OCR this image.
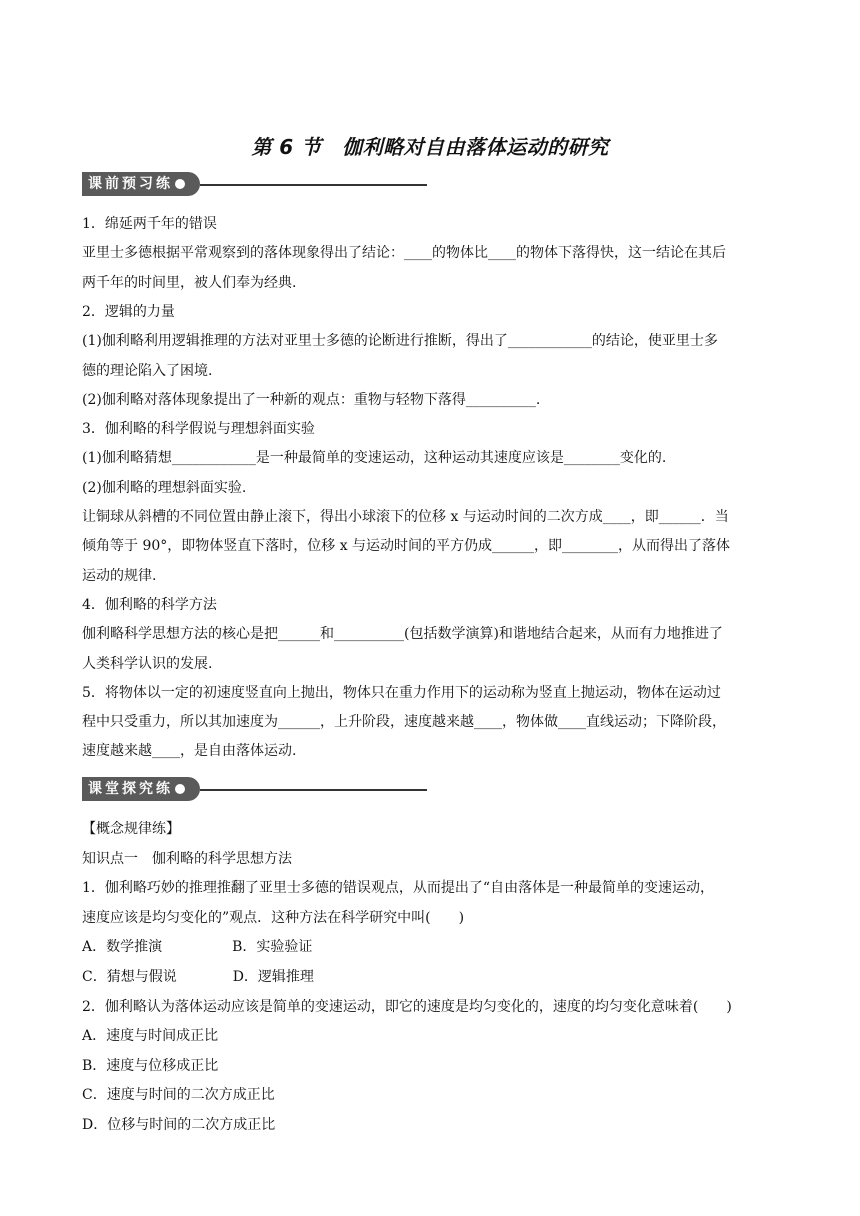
第 6 节　伽利略对自由落体运动的研究
课前预习练
1．绵延两千年的错误
亚里士多德根据平常观察到的落体现象得出了结论：____的物体比____的物体下落得快，这一结论在其后
两千年的时间里，被人们奉为经典.
2．逻辑的力量
(1)伽利略利用逻辑推理的方法对亚里士多德的论断进行推断，得出了____________的结论，使亚里士多
德的理论陷入了困境.
(2)伽利略对落体现象提出了一种新的观点：重物与轻物下落得__________.
3．伽利略的科学假说与理想斜面实验
(1)伽利略猜想____________是一种最简单的变速运动，这种运动其速度应该是________变化的.
(2)伽利略的理想斜面实验.
让铜球从斜槽的不同位置由静止滚下，得出小球滚下的位移 x 与运动时间的二次方成____，即______．当
倾角等于 90°，即物体竖直下落时，位移 x 与运动时间的平方仍成______，即________，从而得出了落体
运动的规律.
4．伽利略的科学方法
伽利略科学思想方法的核心是把______和__________(包括数学演算)和谐地结合起来，从而有力地推进了
人类科学认识的发展.
5．将物体以一定的初速度竖直向上抛出，物体只在重力作用下的运动称为竖直上抛运动，物体在运动过
程中只受重力，所以其加速度为______，上升阶段，速度越来越____，物体做____直线运动；下降阶段，
速度越来越____，是自由落体运动.
课堂探究练
【概念规律练】
知识点一　伽利略的科学思想方法
1．伽利略巧妙的推理推翻了亚里士多德的错误观点，从而提出了“自由落体是一种最简单的变速运动，
速度应该是均匀变化的”观点．这种方法在科学研究中叫(　　)
A．数学推演　　　　　B．实验验证
C．猜想与假说　　　　D．逻辑推理
2．伽利略认为落体运动应该是简单的变速运动，即它的速度是均匀变化的，速度的均匀变化意味着(　　)
A．速度与时间成正比
B．速度与位移成正比
C．速度与时间的二次方成正比
D．位移与时间的二次方成正比
